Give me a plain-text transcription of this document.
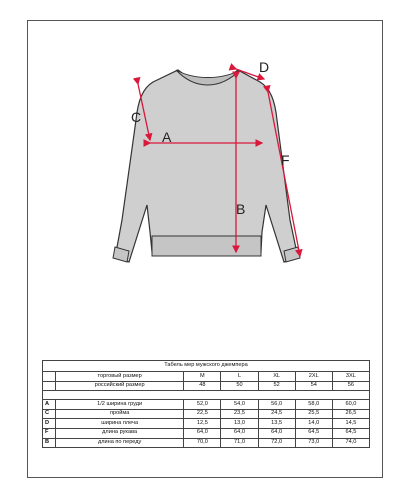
A
B
C
D
F
Табель мер мужского джемпера						
	торговый размер	M	L	XL	2XL	3XL
	российский размер	48	50	52	54	56

A	1/2 ширина груди	52,0	54,0	56,0	58,0	60,0
C	пройма	22,5	23,5	24,5	25,5	26,5
D	ширина плеча	12,5	13,0	13,5	14,0	14,5
F	длина рукава	64,0	64,0	64,0	64,5	64,5
B	длина по переду	70,0	71,0	72,0	73,0	74,0
